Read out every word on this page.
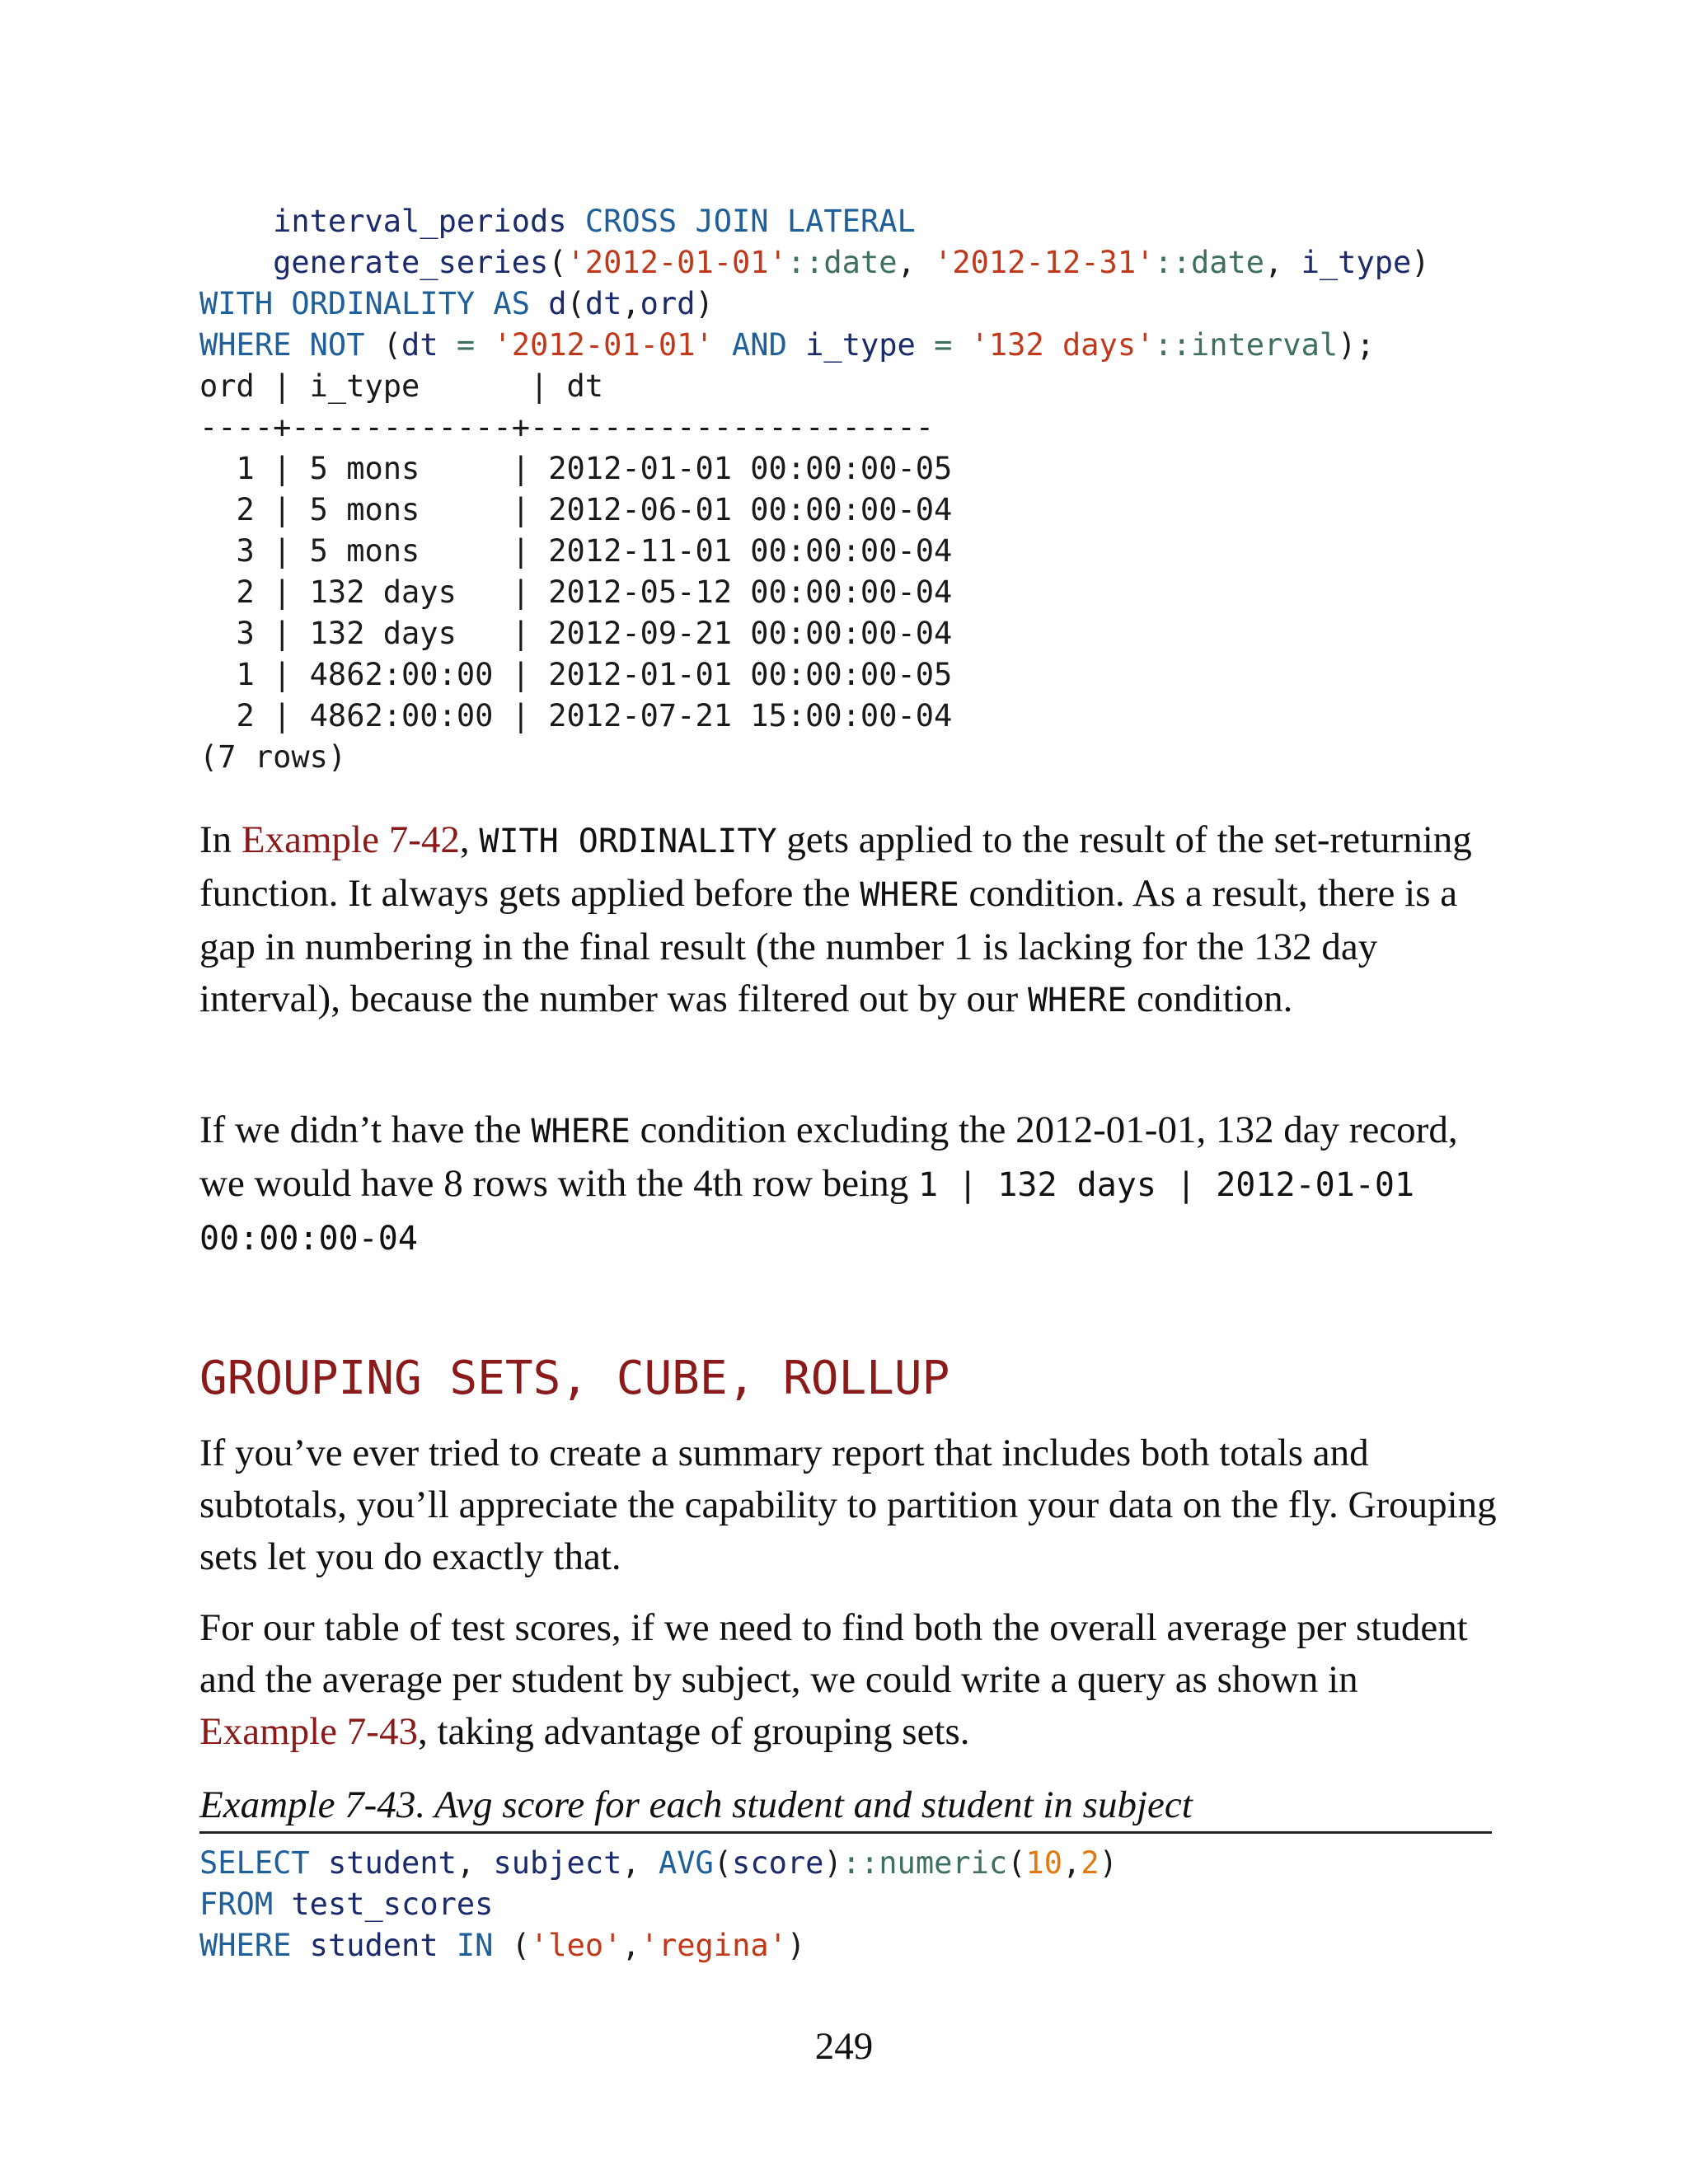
interval_periods CROSS JOIN LATERAL
generate_series('2012-01-01'::date, '2012-12-31'::date, i_type)
WITH ORDINALITY AS d(dt,ord)
WHERE NOT (dt = '2012-01-01' AND i_type = '132 days'::interval);
ord | i_type      | dt
----+------------+----------------------
1 | 5 mons     | 2012-01-01 00:00:00-05
2 | 5 mons     | 2012-06-01 00:00:00-04
3 | 5 mons     | 2012-11-01 00:00:00-04
2 | 132 days   | 2012-05-12 00:00:00-04
3 | 132 days   | 2012-09-21 00:00:00-04
1 | 4862:00:00 | 2012-01-01 00:00:00-05
2 | 4862:00:00 | 2012-07-21 15:00:00-04
(7 rows)

In Example 7-42, WITH ORDINALITY gets applied to the result of the set-returning function. It always gets applied before the WHERE condition. As a result, there is a gap in numbering in the final result (the number 1 is lacking for the 132 day interval), because the number was filtered out by our WHERE condition.

If we didn’t have the WHERE condition excluding the 2012-01-01, 132 day record, we would have 8 rows with the 4th row being 1 | 132 days | 2012-01-01 00:00:00-04

GROUPING SETS, CUBE, ROLLUP

If you’ve ever tried to create a summary report that includes both totals and subtotals, you’ll appreciate the capability to partition your data on the fly. Grouping sets let you do exactly that.

For our table of test scores, if we need to find both the overall average per student and the average per student by subject, we could write a query as shown in Example 7-43, taking advantage of grouping sets.

Example 7-43. Avg score for each student and student in subject

SELECT student, subject, AVG(score)::numeric(10,2)
FROM test_scores
WHERE student IN ('leo','regina')
249
